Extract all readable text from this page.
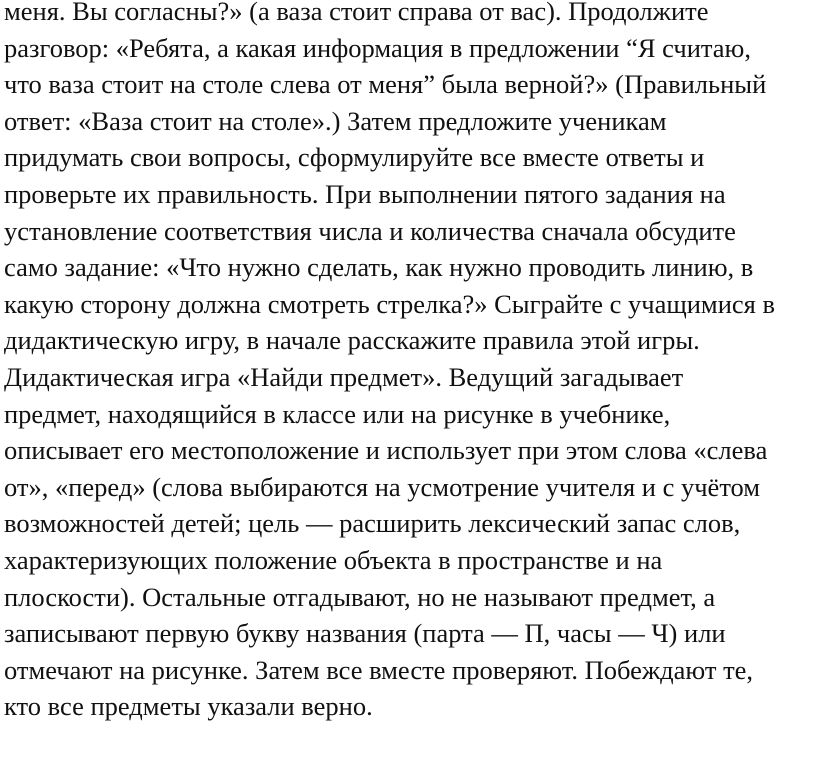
меня. Вы согласны?» (а ваза стоит справа от вас). Продолжите
разговор: «Ребята, а какая информация в предложении “Я считаю,
что ваза стоит на столе слева от меня” была верной?» (Правильный
ответ: «Ваза стоит на столе».) Затем предложите ученикам
придумать свои вопросы, сформулируйте все вместе ответы и
проверьте их правильность. При выполнении пятого задания на
установление соответствия числа и количества сначала обсудите
само задание: «Что нужно сделать, как нужно проводить линию, в
какую сторону должна смотреть стрелка?» Сыграйте с учащимися в
дидактическую игру, в начале расскажите правила этой игры.
Дидактическая игра «Найди предмет». Ведущий загадывает
предмет, находящийся в классе или на рисунке в учебнике,
описывает его местоположение и использует при этом слова «слева
от», «перед» (слова выбираются на усмотрение учителя и с учётом
возможностей детей; цель — расширить лексический запас слов,
характеризующих положение объекта в пространстве и на
плоскости). Остальные отгадывают, но не называют предмет, а
записывают первую букву названия (парта — П, часы — Ч) или
отмечают на рисунке. Затем все вместе проверяют. Побеждают те,
кто все предметы указали верно.
